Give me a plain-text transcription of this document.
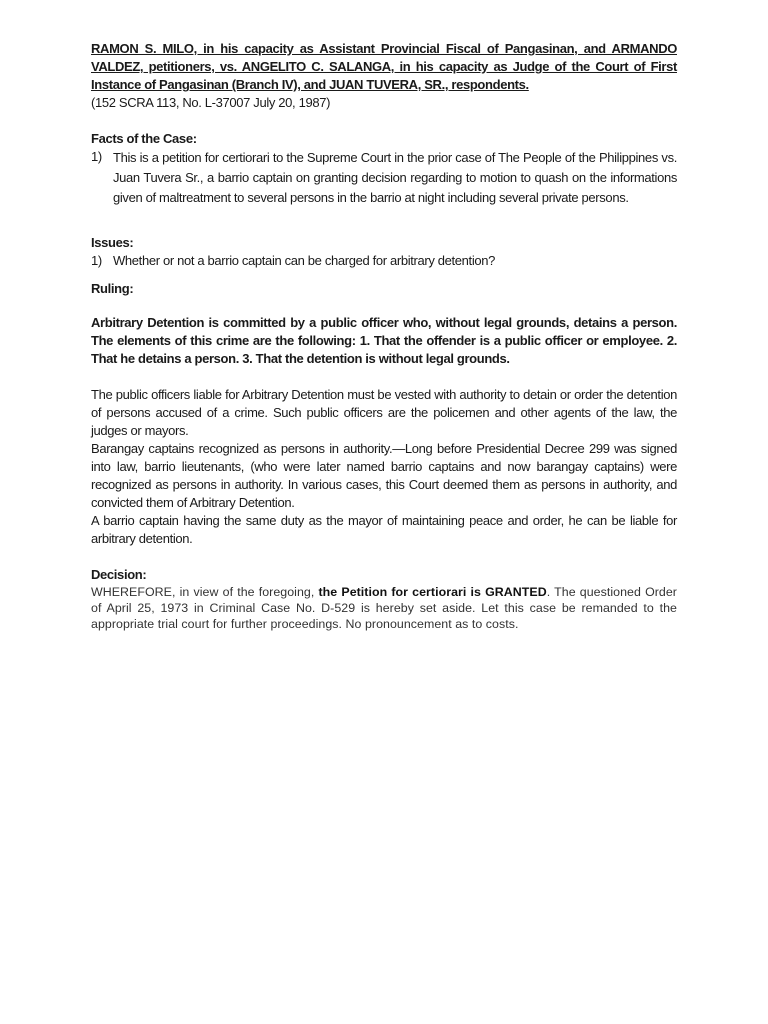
RAMON S. MILO, in his capacity as Assistant Provincial Fiscal of Pangasinan, and ARMANDO VALDEZ, petitioners, vs. ANGELITO C. SALANGA, in his capacity as Judge of the Court of First Instance of Pangasinan (Branch IV), and JUAN TUVERA, SR., respondents.
(152 SCRA 113, No. L-37007 July 20, 1987)
Facts of the Case:
1) This is a petition for certiorari to the Supreme Court in the prior case of The People of the Philippines vs. Juan Tuvera Sr., a barrio captain on granting decision regarding to motion to quash on the informations given of maltreatment to several persons in the barrio at night including several private persons.
Issues:
1) Whether or not a barrio captain can be charged for arbitrary detention?
Ruling:
Arbitrary Detention is committed by a public officer who, without legal grounds, detains a person. The elements of this crime are the following: 1. That the offender is a public officer or employee. 2. That he detains a person. 3. That the detention is without legal grounds.
The public officers liable for Arbitrary Detention must be vested with authority to detain or order the detention of persons accused of a crime. Such public officers are the policemen and other agents of the law, the judges or mayors.
Barangay captains recognized as persons in authority.—Long before Presidential Decree 299 was signed into law, barrio lieutenants, (who were later named barrio captains and now barangay captains) were recognized as persons in authority. In various cases, this Court deemed them as persons in authority, and convicted them of Arbitrary Detention.
A barrio captain having the same duty as the mayor of maintaining peace and order, he can be liable for arbitrary detention.
Decision:
WHEREFORE, in view of the foregoing, the Petition for certiorari is GRANTED. The questioned Order of April 25, 1973 in Criminal Case No. D-529 is hereby set aside. Let this case be remanded to the appropriate trial court for further proceedings. No pronouncement as to costs.
